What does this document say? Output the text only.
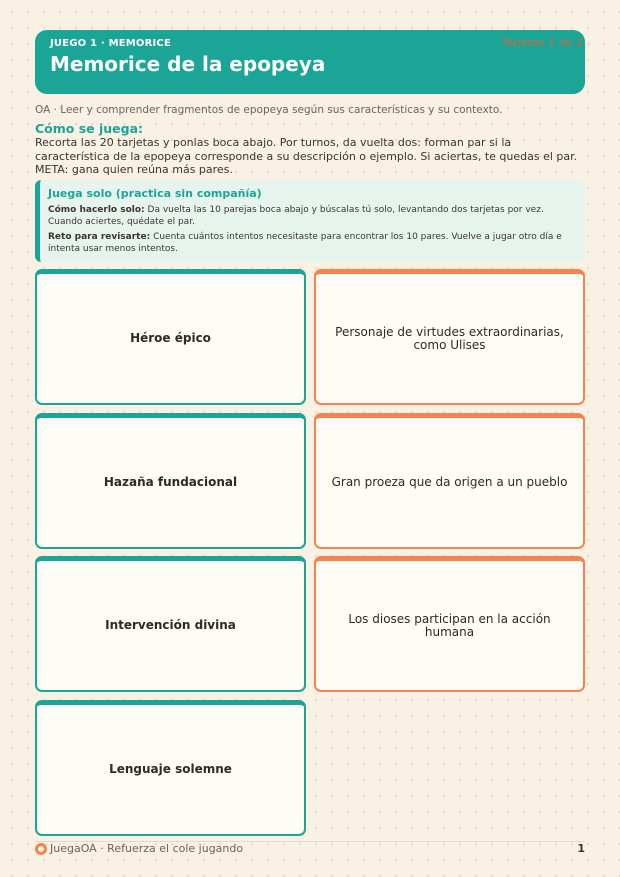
JUEGO 1 · MEMORICE
Memorice de la epopeya
Tarjetas 1 de 2
OA · Leer y comprender fragmentos de epopeya según sus características y su contexto.
Cómo se juega:
Recorta las 20 tarjetas y ponlas boca abajo. Por turnos, da vuelta dos: forman par si la característica de la epopeya corresponde a su descripción o ejemplo. Si aciertas, te quedas el par. META: gana quien reúna más pares.
Juega solo (practica sin compañía)
Cómo hacerlo solo: Da vuelta las 10 parejas boca abajo y búscalas tú solo, levantando dos tarjetas por vez. Cuando aciertes, quédate el par.
Reto para revisarte: Cuenta cuántos intentos necesitaste para encontrar los 10 pares. Vuelve a jugar otro día e intenta usar menos intentos.
Héroe épico	Personaje de virtudes extraordinarias, como Ulises
Hazaña fundacional	Gran proeza que da origen a un pueblo
Intervención divina	Los dioses participan en la acción humana
Lenguaje solemne
JuegaOA · Refuerza el cole jugando	1
